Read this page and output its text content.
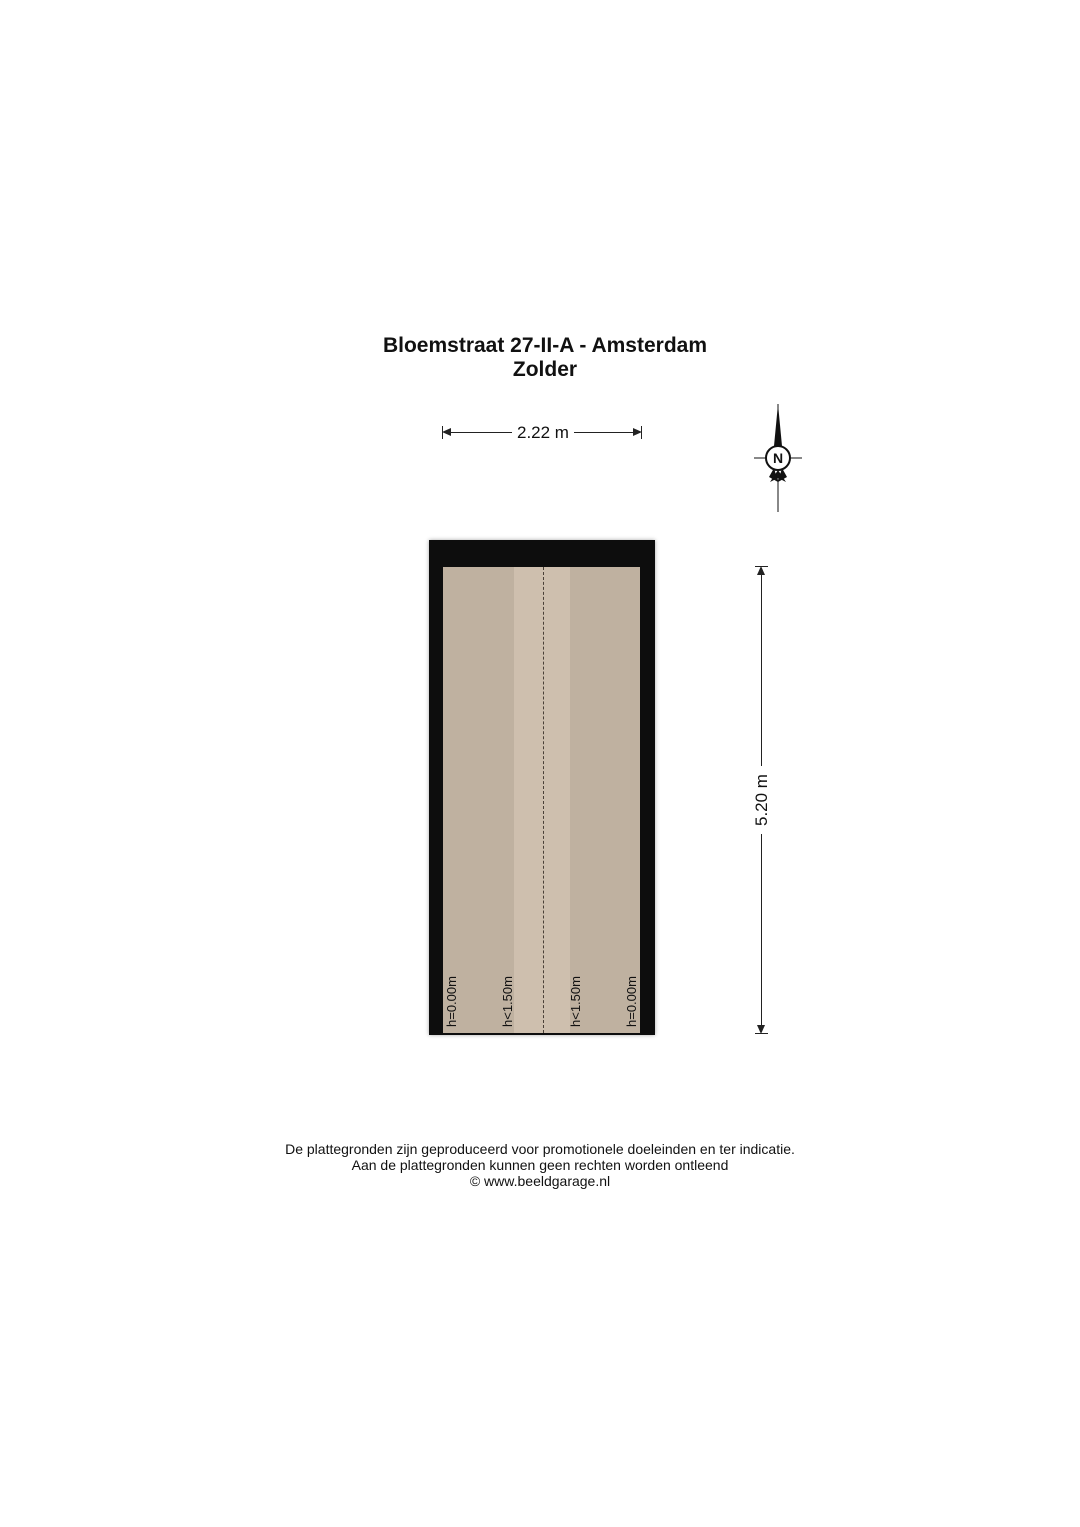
Bloemstraat 27-II-A - Amsterdam
Zolder
2.22 m
N
h=0.00m	h<1.50m	h<1.50m	h=0.00m
5.20 m
De plattegronden zijn geproduceerd voor promotionele doeleinden en ter indicatie.
Aan de plattegronden kunnen geen rechten worden ontleend
© www.beeldgarage.nl
